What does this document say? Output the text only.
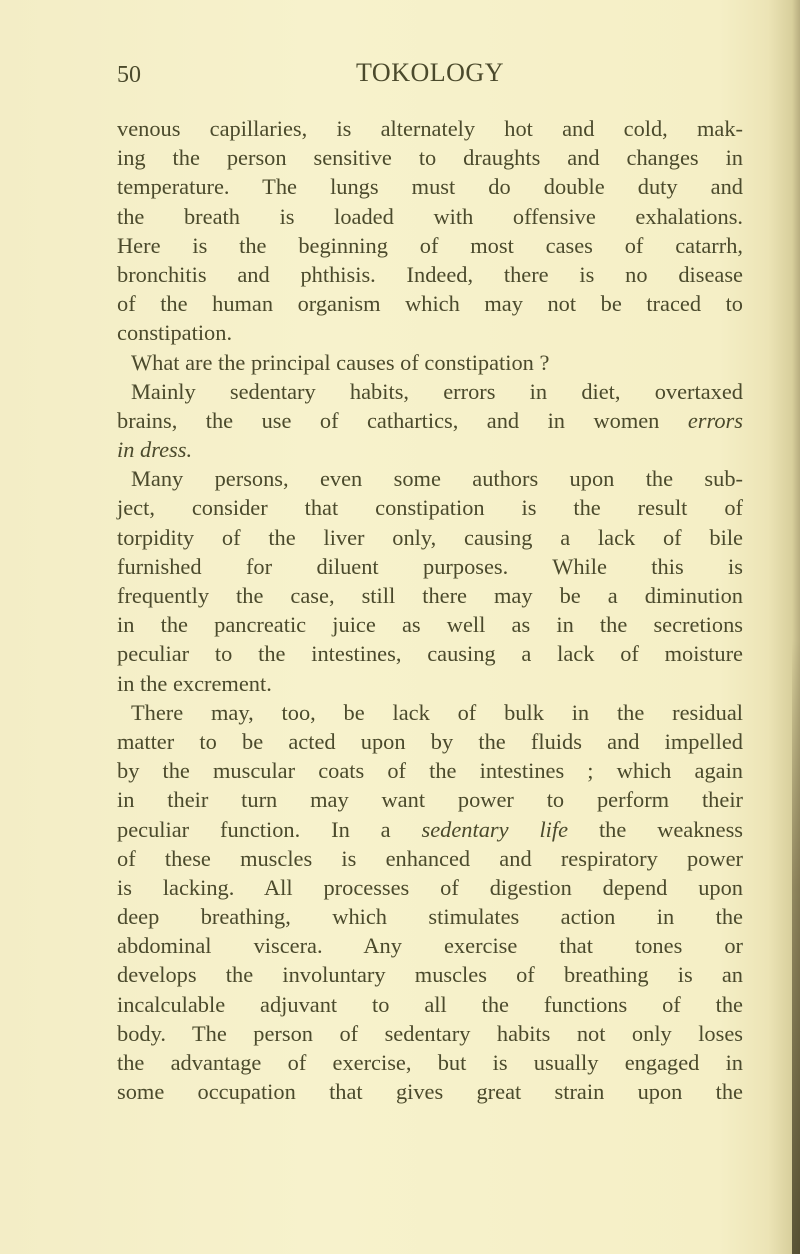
50	TOKOLOGY
venous capillaries, is alternately hot and cold, mak-
ing the person sensitive to draughts and changes in
temperature. The lungs must do double duty and
the breath is loaded with offensive exhalations.
Here is the beginning of most cases of catarrh,
bronchitis and phthisis. Indeed, there is no disease
of the human organism which may not be traced to
constipation.
What are the principal causes of constipation ?
Mainly sedentary habits, errors in diet, overtaxed
brains, the use of cathartics, and in women errors
in dress.
Many persons, even some authors upon the sub-
ject, consider that constipation is the result of
torpidity of the liver only, causing a lack of bile
furnished for diluent purposes. While this is
frequently the case, still there may be a diminution
in the pancreatic juice as well as in the secretions
peculiar to the intestines, causing a lack of moisture
in the excrement.
There may, too, be lack of bulk in the residual
matter to be acted upon by the fluids and impelled
by the muscular coats of the intestines ; which again
in their turn may want power to perform their
peculiar function. In a sedentary life the weakness
of these muscles is enhanced and respiratory power
is lacking. All processes of digestion depend upon
deep breathing, which stimulates action in the
abdominal viscera. Any exercise that tones or
develops the involuntary muscles of breathing is an
incalculable adjuvant to all the functions of the
body. The person of sedentary habits not only loses
the advantage of exercise, but is usually engaged in
some occupation that gives great strain upon the
